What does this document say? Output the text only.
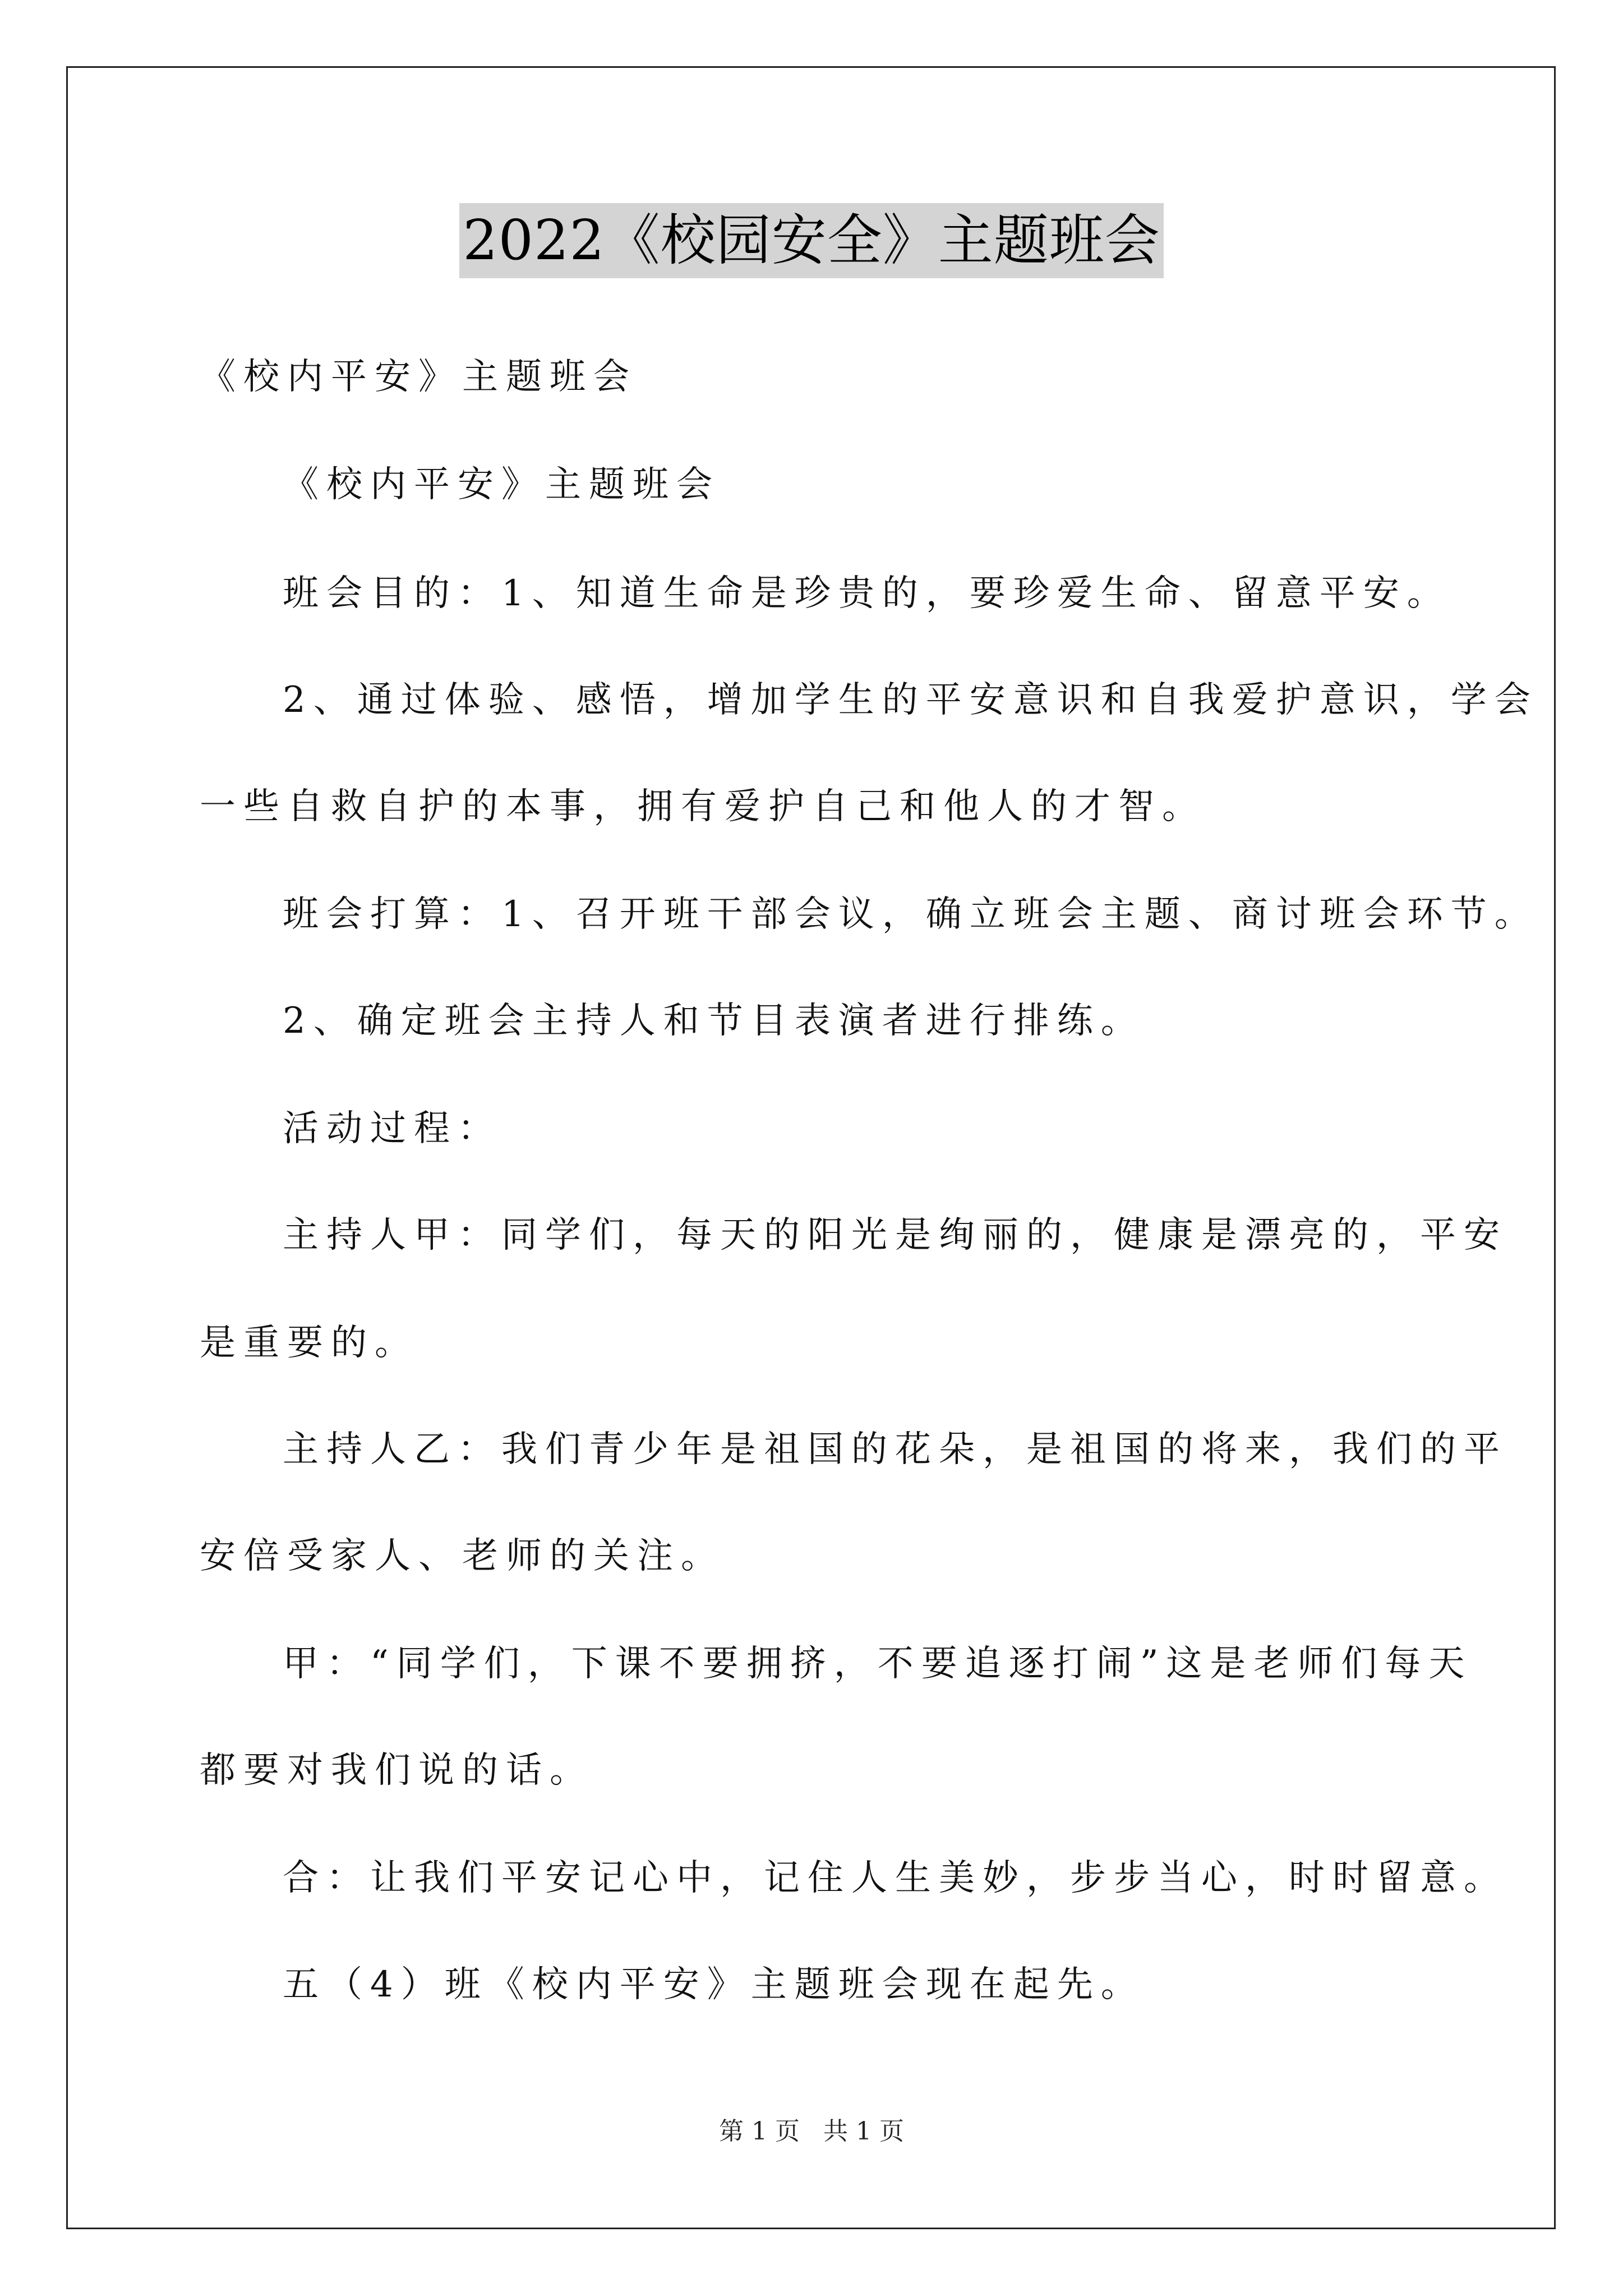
2022《校园安全》主题班会

《校内平安》主题班会

《校内平安》主题班会

班会目的：1、知道生命是珍贵的，要珍爱生命、留意平安。

2、通过体验、感悟，增加学生的平安意识和自我爱护意识，学会

一些自救自护的本事，拥有爱护自己和他人的才智。

班会打算：1、召开班干部会议，确立班会主题、商讨班会环节。

2、确定班会主持人和节目表演者进行排练。

活动过程：

主持人甲：同学们，每天的阳光是绚丽的，健康是漂亮的，平安

是重要的。

主持人乙：我们青少年是祖国的花朵，是祖国的将来，我们的平

安倍受家人、老师的关注。

甲：“同学们，下课不要拥挤，不要追逐打闹”这是老师们每天

都要对我们说的话。

合：让我们平安记心中，记住人生美妙，步步当心，时时留意。

五（4）班《校内平安》主题班会现在起先。

第 1 页   共 1 页
